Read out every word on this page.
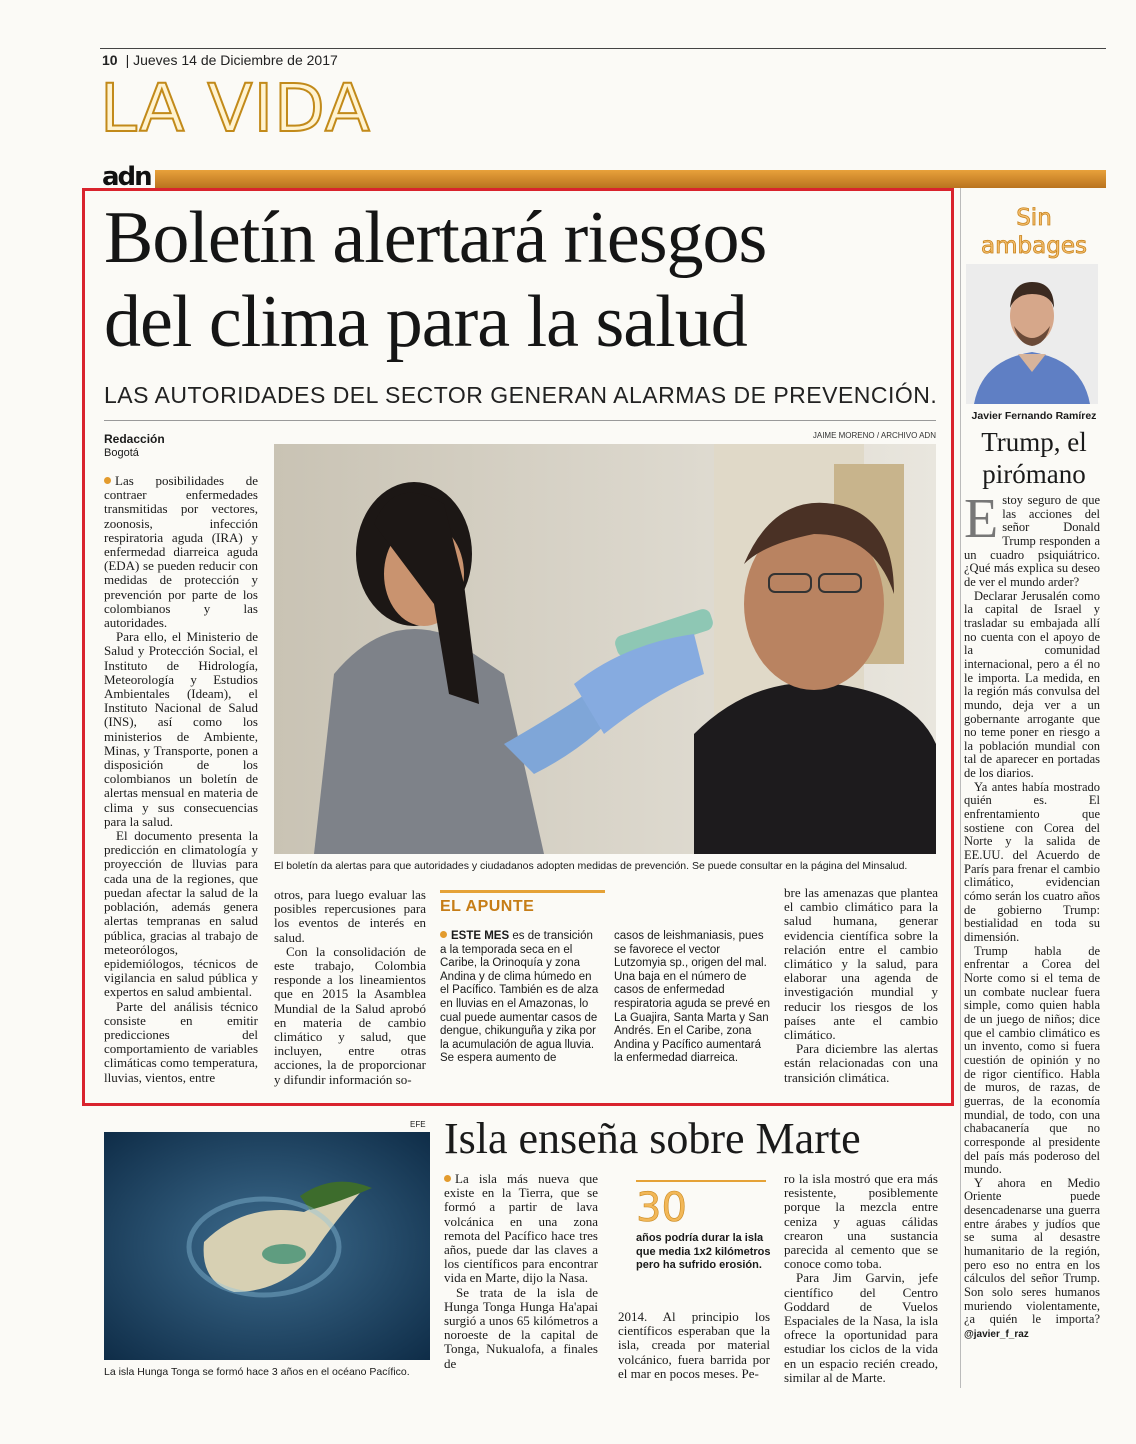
10 | Jueves 14 de Diciembre de 2017
LA VIDA
adn
Boletín alertará riesgos
del clima para la salud
LAS AUTORIDADES DEL SECTOR GENERAN ALARMAS DE PREVENCIÓN.
Redacción
Bogotá
JAIME MORENO / ARCHIVO ADN
El boletín da alertas para que autoridades y ciudadanos adopten medidas de prevención. Se puede consultar en la página del Minsalud.

Las posibilidades de contraer enfermedades transmitidas por vectores, zoonosis, infección respiratoria aguda (IRA) y enfermedad diarreica aguda (EDA) se pueden reducir con medidas de protección y prevención por parte de los colombianos y las autoridades.

Para ello, el Ministerio de Salud y Protección Social, el Instituto de Hidrología, Meteorología y Estudios Ambientales (Ideam), el Instituto Nacional de Salud (INS), así como los ministerios de Ambiente, Minas, y Transporte, ponen a disposición de los colombianos un boletín de alertas mensual en materia de clima y sus consecuencias para la salud.

El documento presenta la predicción en climatología y proyección de lluvias para cada una de la regiones, que puedan afectar la salud de la población, además genera alertas tempranas en salud pública, gracias al trabajo de meteorólogos, epidemiólogos, técnicos de vigilancia en salud pública y expertos en salud ambiental.

Parte del análisis técnico consiste en emitir predicciones del comportamiento de variables climáticas como temperatura, lluvias, vientos, entre

otros, para luego evaluar las posibles repercusiones para los eventos de interés en salud.

Con la consolidación de este trabajo, Colombia responde a los lineamientos que en 2015 la Asamblea Mundial de la Salud aprobó en materia de cambio climático y salud, que incluyen, entre otras acciones, la de proporcionar y difundir información so-

EL APUNTE
ESTE MES es de transición a la temporada seca en el Caribe, la Orinoquía y zona Andina y de clima húmedo en el Pacífico. También es de alza en lluvias en el Amazonas, lo cual puede aumentar casos de dengue, chikunguña y zika por la acumulación de agua lluvia. Se espera aumento de
casos de leishmaniasis, pues se favorece el vector Lutzomyia sp., origen del mal. Una baja en el número de casos de enfermedad respiratoria aguda se prevé en La Guajira, Santa Marta y San Andrés. En el Caribe, zona Andina y Pacífico aumentará la enfermedad diarreica.

bre las amenazas que plantea el cambio climático para la salud humana, generar evidencia científica sobre la relación entre el cambio climático y la salud, para elaborar una agenda de investigación mundial y reducir los riesgos de los países ante el cambio climático.

Para diciembre las alertas están relacionadas con una transición climática.

Sin
ambages
Javier Fernando Ramírez
Trump, el
pirómano

Estoy seguro de que las acciones del señor Donald Trump responden a un cuadro psiquiátrico. ¿Qué más explica su deseo de ver el mundo arder?

Declarar Jerusalén como la capital de Israel y trasladar su embajada allí no cuenta con el apoyo de la comunidad internacional, pero a él no le importa. La medida, en la región más convulsa del mundo, deja ver a un gobernante arrogante que no teme poner en riesgo a la población mundial con tal de aparecer en portadas de los diarios.

Ya antes había mostrado quién es. El enfrentamiento que sostiene con Corea del Norte y la salida de EE.UU. del Acuerdo de París para frenar el cambio climático, evidencian cómo serán los cuatro años de gobierno Trump: bestialidad en toda su dimensión.

Trump habla de enfrentar a Corea del Norte como si el tema de un combate nuclear fuera simple, como quien habla de un juego de niños; dice que el cambio climático es un invento, como si fuera cuestión de opinión y no de rigor científico. Habla de muros, de razas, de guerras, de la economía mundial, de todo, con una chabacanería que no corresponde al presidente del país más poderoso del mundo.

Y ahora en Medio Oriente puede desencadenarse una guerra entre árabes y judíos que se suma al desastre humanitario de la región, pero eso no entra en los cálculos del señor Trump. Son solo seres humanos muriendo violentamente, ¿a quién le importa? @javier_f_raz

EFE Isla enseña sobre Marte
La isla Hunga Tonga se formó hace 3 años en el océano Pacífico.

La isla más nueva que existe en la Tierra, que se formó a partir de lava volcánica en una zona remota del Pacífico hace tres años, puede dar las claves a los científicos para encontrar vida en Marte, dijo la Nasa.

Se trata de la isla de Hunga Tonga Hunga Ha'apai surgió a unos 65 kilómetros a noroeste de la capital de Tonga, Nukualofa, a finales de

30
años podría durar la isla que media 1x2 kilómetros pero ha sufrido erosión.

2014. Al principio los científicos esperaban que la isla, creada por material volcánico, fuera barrida por el mar en pocos meses. Pe-

ro la isla mostró que era más resistente, posiblemente porque la mezcla entre ceniza y aguas cálidas crearon una sustancia parecida al cemento que se conoce como toba.

Para Jim Garvin, jefe científico del Centro Goddard de Vuelos Espaciales de la Nasa, la isla ofrece la oportunidad para estudiar los ciclos de la vida en un espacio recién creado, similar al de Marte.
